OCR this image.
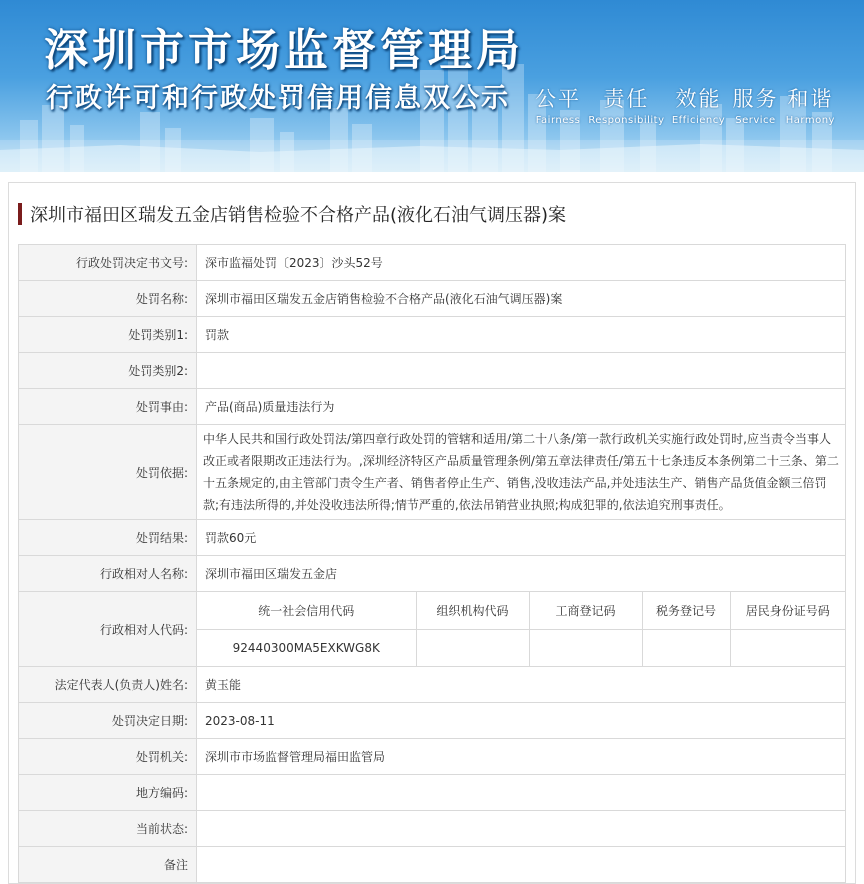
深圳市市场监督管理局
行政许可和行政处罚信用信息双公示 公平
Fairness
责任
Responsibility
效能
Efficiency
服务
Service
和谐
Harmony
深圳市福田区瑞发五金店销售检验不合格产品(液化石油气调压器)案
行政处罚决定书文号:	深市监福处罚〔2023〕沙头52号
处罚名称:	深圳市福田区瑞发五金店销售检验不合格产品(液化石油气调压器)案
处罚类别1:	罚款
处罚类别2:	
处罚事由:	产品(商品)质量违法行为
处罚依据:	中华人民共和国行政处罚法/第四章行政处罚的管辖和适用/第二十八条/第一款行政机关实施行政处罚时,应当责令当事人改正或者限期改正违法行为。,深圳经济特区产品质量管理条例/第五章法律责任/第五十七条违反本条例第二十三条、第二十五条规定的,由主管部门责令生产者、销售者停止生产、销售,没收违法产品,并处违法生产、销售产品货值金额三倍罚款;有违法所得的,并处没收违法所得;情节严重的,依法吊销营业执照;构成犯罪的,依法追究刑事责任。
处罚结果:	罚款60元
行政相对人名称:	深圳市福田区瑞发五金店
行政相对人代码:	
统一社会信用代码	组织机构代码	工商登记码	税务登记号	居民身份证号码
92440300MA5EXKWG8K				

法定代表人(负责人)姓名:	黄玉能
处罚决定日期:	2023-08-11
处罚机关:	深圳市市场监督管理局福田监管局
地方编码:	
当前状态:	
备注	
